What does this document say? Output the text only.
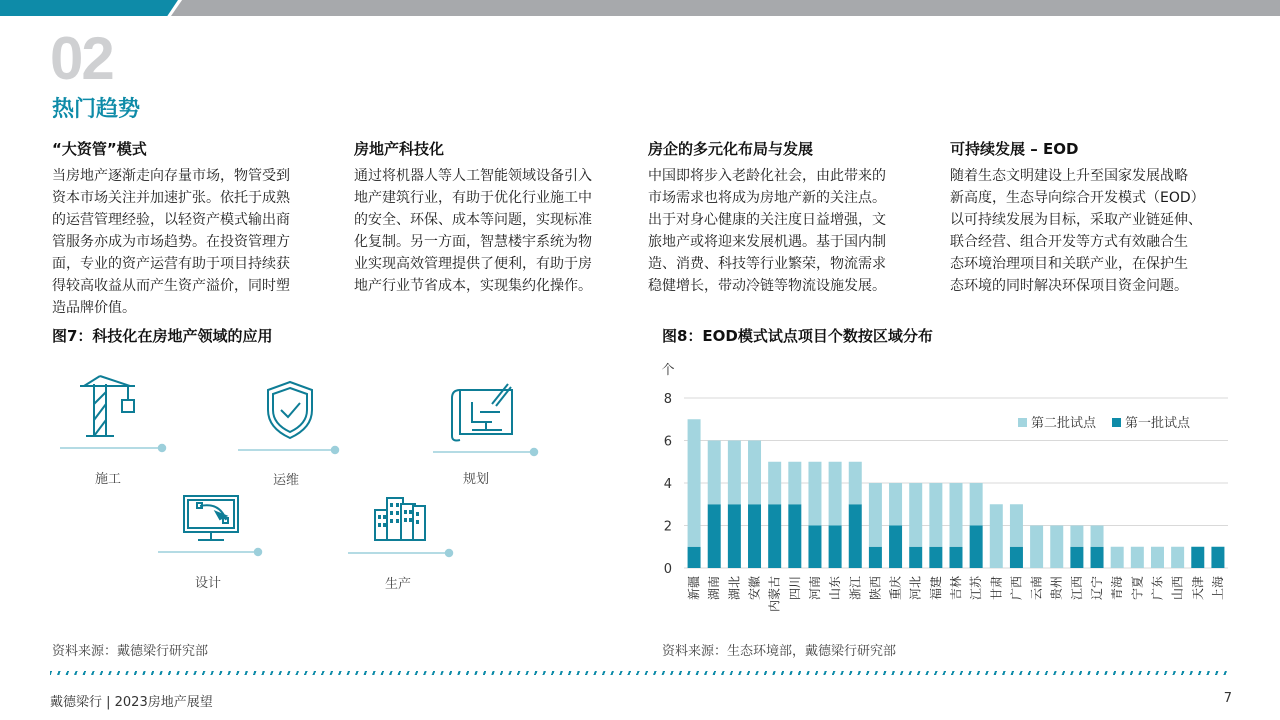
02
热门趋势
“大资管”模式
当房地产逐渐走向存量市场，物管受到
资本市场关注并加速扩张。依托于成熟
的运营管理经验，以轻资产模式输出商
管服务亦成为市场趋势。在投资管理方
面，专业的资产运营有助于项目持续获
得较高收益从而产生资产溢价，同时塑
造品牌价值。
房地产科技化
通过将机器人等人工智能领域设备引入
地产建筑行业，有助于优化行业施工中
的安全、环保、成本等问题，实现标准
化复制。另一方面，智慧楼宇系统为物
业实现高效管理提供了便利，有助于房
地产行业节省成本，实现集约化操作。
房企的多元化布局与发展
中国即将步入老龄化社会，由此带来的
市场需求也将成为房地产新的关注点。
出于对身心健康的关注度日益增强，文
旅地产或将迎来发展机遇。基于国内制
造、消费、科技等行业繁荣，物流需求
稳健增长，带动冷链等物流设施发展。
可持续发展 – EOD
随着生态文明建设上升至国家发展战略
新高度，生态导向综合开发模式（EOD）
以可持续发展为目标，采取产业链延伸、
联合经营、组合开发等方式有效融合生
态环境治理项目和关联产业，在保护生
态环境的同时解决环保项目资金问题。
图7：科技化在房地产领域的应用
施工	运维	规划
设计	生产
资料来源：戴德梁行研究部
图8：EOD模式试点项目个数按区域分布
个
0
2
4
6
8
新疆 湖南 湖北 安徽 内蒙古 四川 河南 山东 浙江 陕西 重庆 河北 福建 吉林 江苏 甘肃 广西 云南 贵州 江西 辽宁 青海 宁夏 广东 山西 天津 上海
第二批试点 第一批试点
资料来源：生态环境部，戴德梁行研究部
戴德梁行 | 2023房地产展望	7
